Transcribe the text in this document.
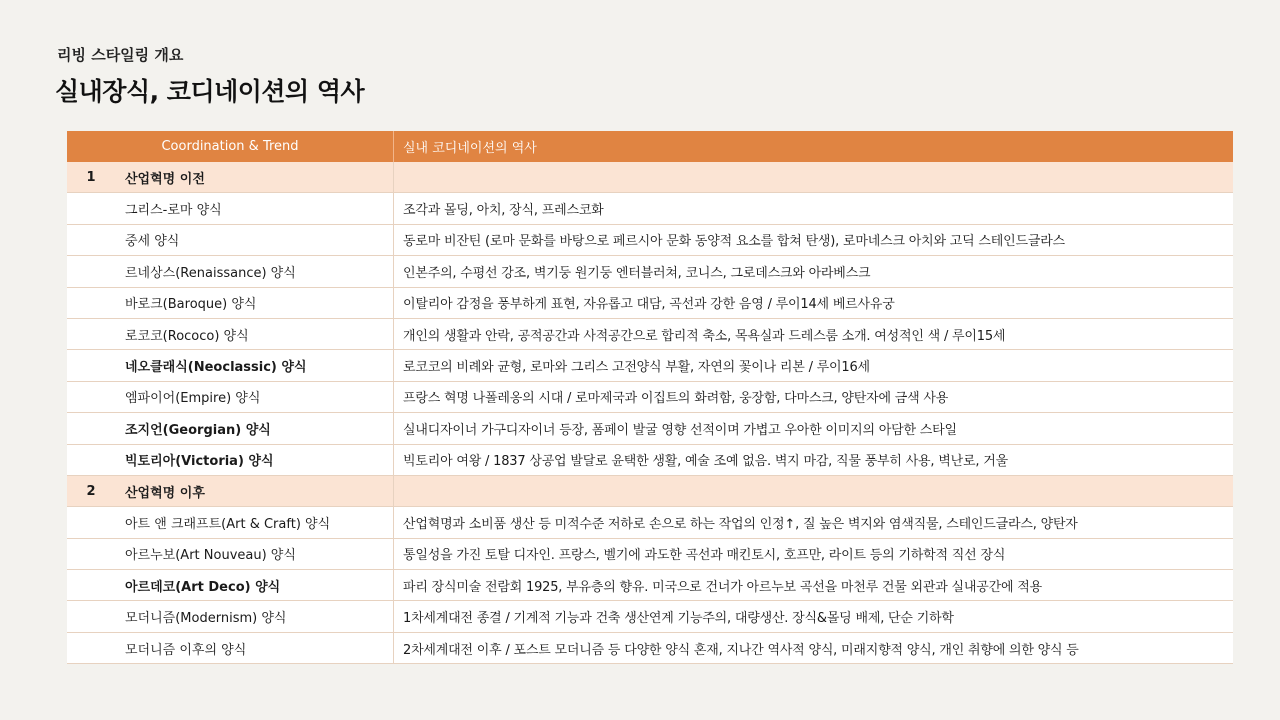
리빙 스타일링 개요
실내장식, 코디네이션의 역사
Coordination & Trend	실내 코디네이션의 역사
1	산업혁명 이전
그리스-로마 양식	조각과 몰딩, 아치, 장식, 프레스코화
중세 양식	동로마 비잔틴 (로마 문화를 바탕으로 페르시아 문화 동양적 요소를 합쳐 탄생), 로마네스크 아치와 고딕 스테인드글라스
르네상스(Renaissance) 양식	인본주의, 수평선 강조, 벽기둥 원기둥 엔터블러쳐, 코니스, 그로데스크와 아라베스크
바로크(Baroque) 양식	이탈리아 감정을 풍부하게 표현, 자유롭고 대담, 곡선과 강한 음영 / 루이14세 베르사유궁
로코코(Rococo) 양식	개인의 생활과 안락, 공적공간과 사적공간으로 합리적 축소, 목욕실과 드레스룸 소개. 여성적인 색 / 루이15세
네오클래식(Neoclassic) 양식	로코코의 비례와 균형, 로마와 그리스 고전양식 부활, 자연의 꽃이나 리본 / 루이16세
엠파이어(Empire) 양식	프랑스 혁명 나폴레옹의 시대 / 로마제국과 이집트의 화려함, 웅장함, 다마스크, 양탄자에 금색 사용
조지언(Georgian) 양식	실내디자이너 가구디자이너 등장, 폼페이 발굴 영향 선적이며 가볍고 우아한 이미지의 아담한 스타일
빅토리아(Victoria) 양식	빅토리아 여왕 / 1837 상공업 발달로 윤택한 생활, 예술 조예 없음. 벽지 마감, 직물 풍부히 사용, 벽난로, 거울
2	산업혁명 이후
아트 앤 크래프트(Art & Craft) 양식	산업혁명과 소비품 생산 등 미적수준 저하로 손으로 하는 작업의 인정↑, 질 높은 벽지와 염색직물, 스테인드글라스, 양탄자
아르누보(Art Nouveau) 양식	통일성을 가진 토탈 디자인. 프랑스, 벨기에 과도한 곡선과 매킨토시, 호프만, 라이트 등의 기하학적 직선 장식
아르데코(Art Deco) 양식	파리 장식미술 전람회 1925, 부유층의 향유. 미국으로 건너가 아르누보 곡선을 마천루 건물 외관과 실내공간에 적용
모더니즘(Modernism) 양식	1차세계대전 종결 / 기계적 기능과 건축 생산연계 기능주의, 대량생산. 장식&몰딩 배제, 단순 기하학
모더니즘 이후의 양식	2차세계대전 이후 / 포스트 모더니즘 등 다양한 양식 혼재, 지나간 역사적 양식, 미래지향적 양식, 개인 취향에 의한 양식 등
